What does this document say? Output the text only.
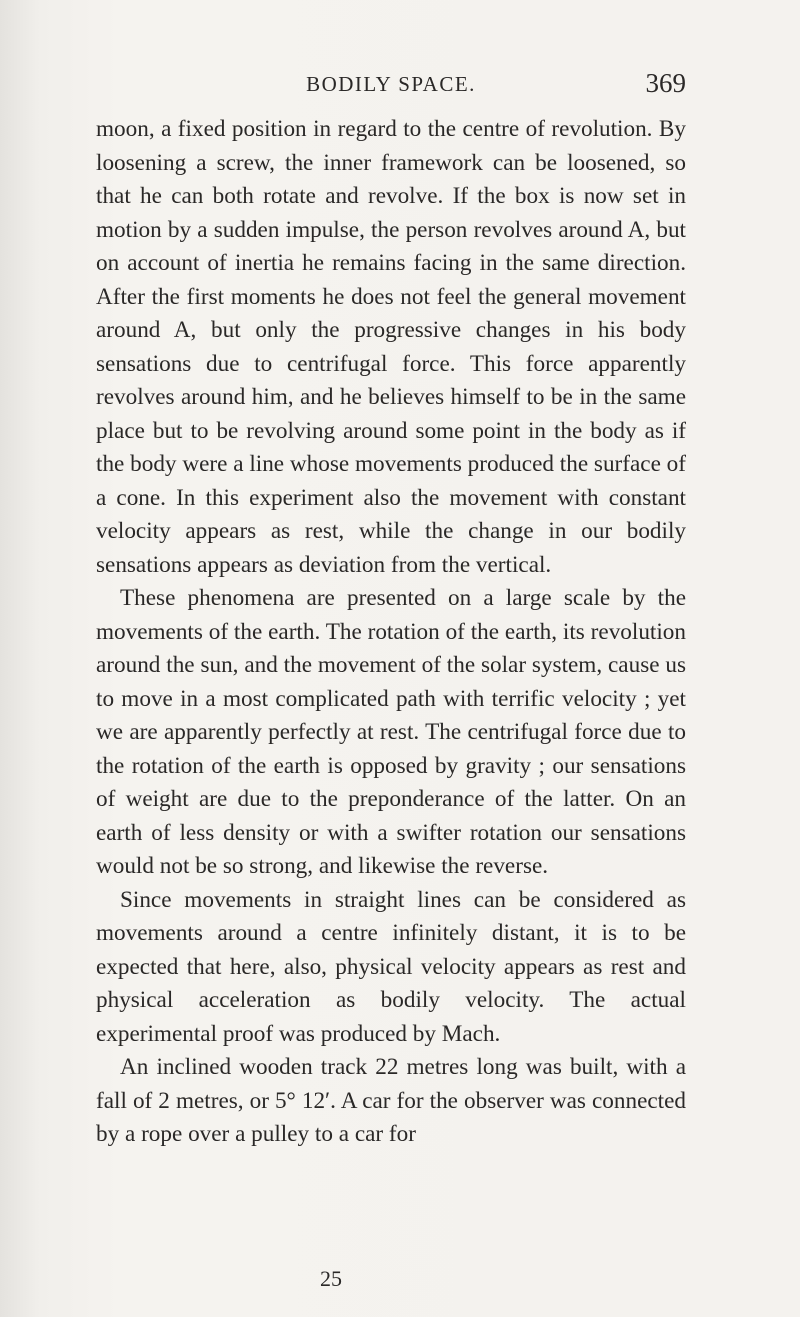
BODILY SPACE.	369

moon, a fixed position in regard to the centre of revolution. By loosening a screw, the inner framework can be loosened, so that he can both rotate and revolve. If the box is now set in motion by a sudden impulse, the person revolves around A, but on account of inertia he remains facing in the same direction. After the first moments he does not feel the general movement around A, but only the progressive changes in his body sensations due to centrifugal force. This force apparently revolves around him, and he believes himself to be in the same place but to be revolving around some point in the body as if the body were a line whose movements produced the surface of a cone. In this experiment also the movement with constant velocity appears as rest, while the change in our bodily sensations appears as deviation from the vertical.

These phenomena are presented on a large scale by the movements of the earth. The rotation of the earth, its revolution around the sun, and the movement of the solar system, cause us to move in a most complicated path with terrific velocity ; yet we are apparently perfectly at rest. The centrifugal force due to the rotation of the earth is opposed by gravity ; our sensations of weight are due to the preponderance of the latter. On an earth of less density or with a swifter rotation our sensations would not be so strong, and likewise the reverse.

Since movements in straight lines can be considered as movements around a centre infinitely distant, it is to be expected that here, also, physical velocity appears as rest and physical acceleration as bodily velocity. The actual experimental proof was produced by Mach.

An inclined wooden track 22 metres long was built, with a fall of 2 metres, or 5° 12′. A car for the observer was connected by a rope over a pulley to a car for

25
